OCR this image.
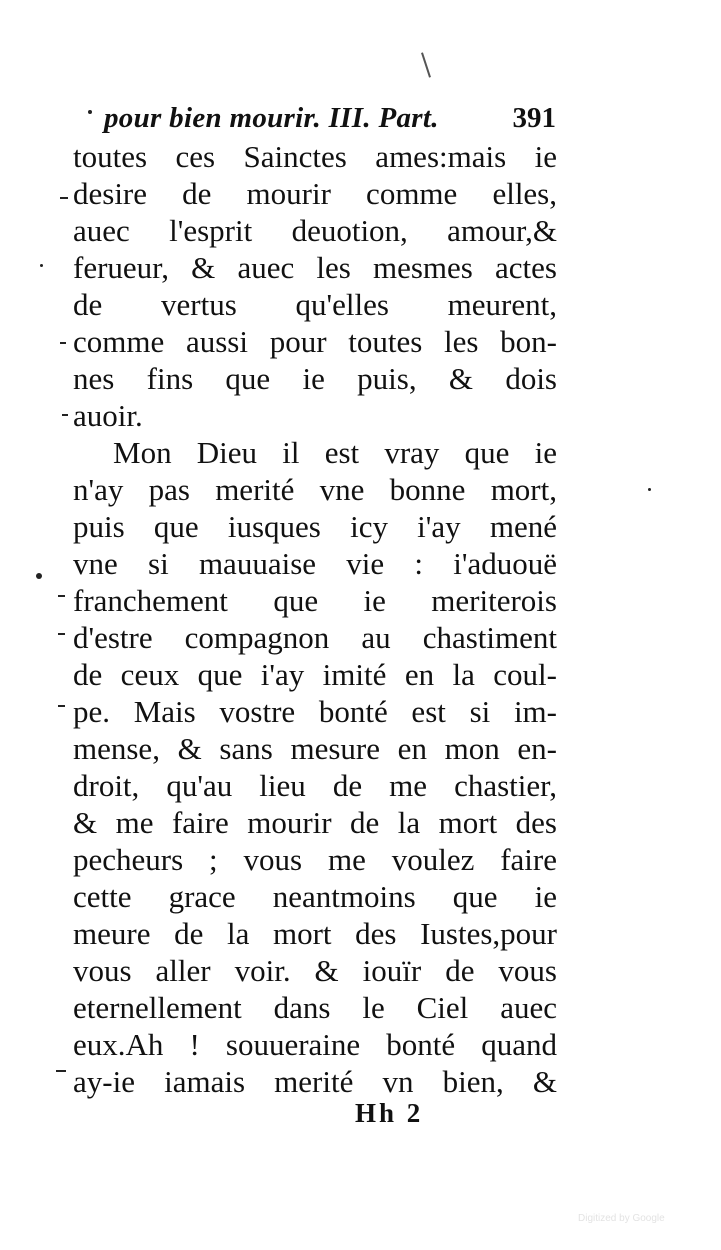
pour bien mourir. III. Part.	391
toutes ces Sainctes ames:mais ie
desire de mourir comme elles,
auec l'esprit deuotion, amour,&
ferueur, & auec les mesmes actes
de vertus qu'elles meurent,
comme aussi pour toutes les bon-
nes fins que ie puis, & dois
auoir.
Mon Dieu il est vray que ie
n'ay pas merité vne bonne mort,
puis que iusques icy i'ay mené
vne si mauuaise vie : i'aduouë
franchement que ie meriterois
d'estre compagnon au chastiment
de ceux que i'ay imité en la coul-
pe. Mais vostre bonté est si im-
mense, & sans mesure en mon en-
droit, qu'au lieu de me chastier,
& me faire mourir de la mort des
pecheurs ; vous me voulez faire
cette grace neantmoins que ie
meure de la mort des Iustes,pour
vous aller voir. & iouïr de vous
eternellement dans le Ciel auec
eux.Ah ! souueraine bonté quand
ay-ie iamais merité vn bien, &
Hh 2
Digitized by Google
